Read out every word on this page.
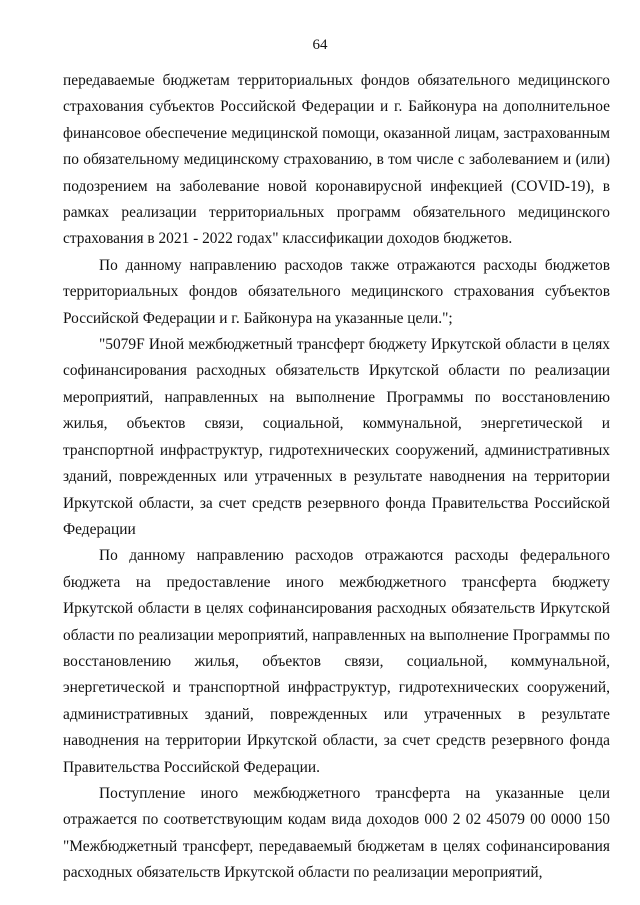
64

передаваемые бюджетам территориальных фондов обязательного медицинского страхования субъектов Российской Федерации и г. Байконура на дополнительное финансовое обеспечение медицинской помощи, оказанной лицам, застрахованным по обязательному медицинскому страхованию, в том числе с заболеванием и (или) подозрением на заболевание новой коронавирусной инфекцией (COVID-19), в рамках реализации территориальных программ обязательного медицинского страхования в 2021 - 2022 годах" классификации доходов бюджетов.

По данному направлению расходов также отражаются расходы бюджетов территориальных фондов обязательного медицинского страхования субъектов Российской Федерации и г. Байконура на указанные цели.";

"5079F Иной межбюджетный трансферт бюджету Иркутской области в целях софинансирования расходных обязательств Иркутской области по реализации мероприятий, направленных на выполнение Программы по восстановлению жилья, объектов связи, социальной, коммунальной, энергетической и транспортной инфраструктур, гидротехнических сооружений, административных зданий, поврежденных или утраченных в результате наводнения на территории Иркутской области, за счет средств резервного фонда Правительства Российской Федерации

По данному направлению расходов отражаются расходы федерального бюджета на предоставление иного межбюджетного трансферта бюджету Иркутской области в целях софинансирования расходных обязательств Иркутской области по реализации мероприятий, направленных на выполнение Программы по восстановлению жилья, объектов связи, социальной, коммунальной, энергетической и транспортной инфраструктур, гидротехнических сооружений, административных зданий, поврежденных или утраченных в результате наводнения на территории Иркутской области, за счет средств резервного фонда Правительства Российской Федерации.

Поступление иного межбюджетного трансферта на указанные цели отражается по соответствующим кодам вида доходов 000 2 02 45079 00 0000 150 "Межбюджетный трансферт, передаваемый бюджетам в целях софинансирования расходных обязательств Иркутской области по реализации мероприятий,
